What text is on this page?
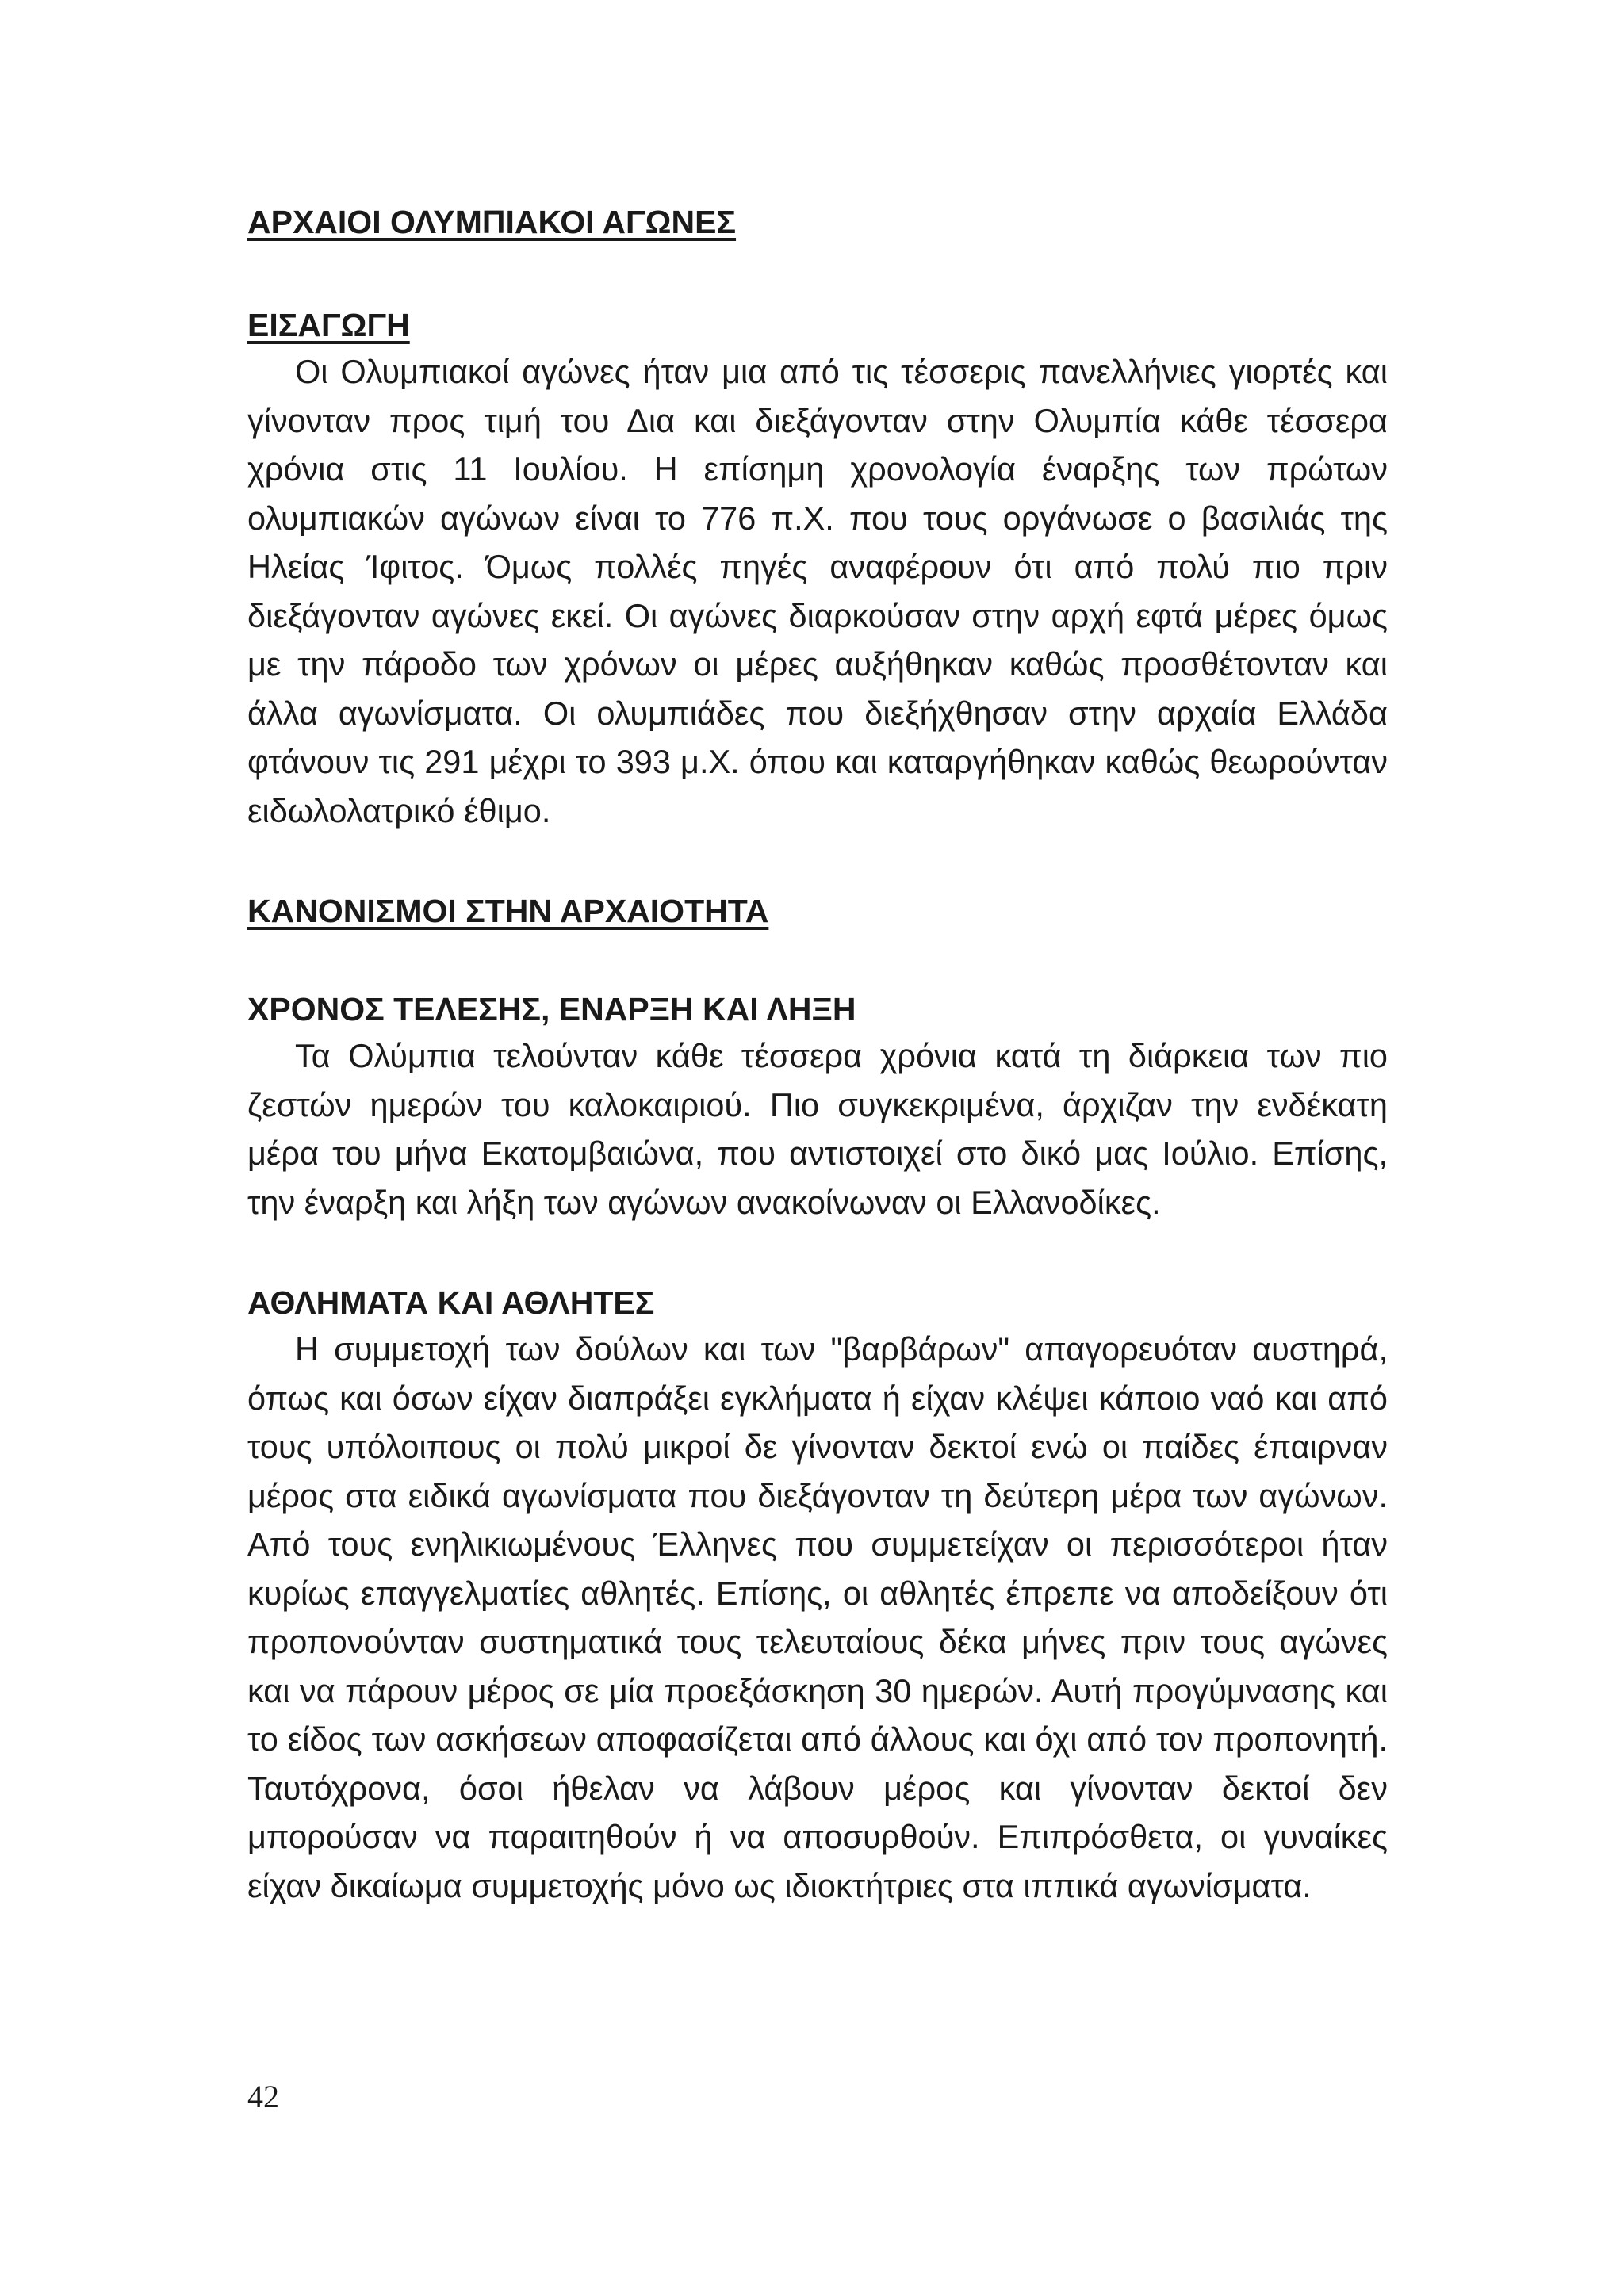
ΑΡΧΑΙΟΙ ΟΛΥΜΠΙΑΚΟΙ ΑΓΩΝΕΣ
ΕΙΣΑΓΩΓΗ

Οι Ολυμπιακοί αγώνες ήταν μια από τις τέσσερις πανελλήνιες γιορτές και γίνονταν προς τιμή του Δια και διεξάγονταν στην Ολυμπία κάθε τέσσερα χρόνια στις 11 Ιουλίου. Η επίσημη χρονολογία έναρξης των πρώτων ολυμπιακών αγώνων είναι το 776 π.Χ. που τους οργάνωσε ο βασιλιάς της Ηλείας Ίφιτος. Όμως πολλές πηγές αναφέρουν ότι από πολύ πιο πριν διεξάγονταν αγώνες εκεί. Οι αγώνες διαρκούσαν στην αρχή εφτά μέρες όμως με την πάροδο των χρόνων οι μέρες αυξήθηκαν καθώς προσθέτονταν και άλλα αγωνίσματα. Οι ολυμπιάδες που διεξήχθησαν στην αρχαία Ελλάδα φτάνουν τις 291 μέχρι το 393 μ.Χ. όπου και καταργήθηκαν καθώς θεωρούνταν ειδωλολατρικό έθιμο.

ΚΑΝΟΝΙΣΜΟΙ ΣΤΗΝ ΑΡΧΑΙΟΤΗΤΑ
ΧΡΟΝΟΣ ΤΕΛΕΣΗΣ, ΕΝΑΡΞΗ ΚΑΙ ΛΗΞΗ

Τα Ολύμπια τελούνταν κάθε τέσσερα χρόνια κατά τη διάρκεια των πιο ζεστών ημερών του καλοκαιριού. Πιο συγκεκριμένα, άρχιζαν την ενδέκατη μέρα του μήνα Εκατομβαιώνα, που αντιστοιχεί στο δικό μας Ιούλιο. Επίσης, την έναρξη και λήξη των αγώνων ανακοίνωναν οι Ελλανοδίκες.

ΑΘΛΗΜΑΤΑ ΚΑΙ ΑΘΛΗΤΕΣ

Η συμμετοχή των δούλων και των "βαρβάρων" απαγορευόταν αυστηρά, όπως και όσων είχαν διαπράξει εγκλήματα ή είχαν κλέψει κάποιο ναό και από τους υπόλοιπους οι πολύ μικροί δε γίνονταν δεκτοί ενώ οι παίδες έπαιρναν μέρος στα ειδικά αγωνίσματα που διεξάγονταν τη δεύτερη μέρα των αγώνων. Από τους ενηλικιωμένους Έλληνες που συμμετείχαν οι περισσότεροι ήταν κυρίως επαγγελματίες αθλητές. Επίσης, οι αθλητές έπρεπε να αποδείξουν ότι προπονούνταν συστηματικά τους τελευταίους δέκα μήνες πριν τους αγώνες και να πάρουν μέρος σε μία προεξάσκηση 30 ημερών. Αυτή προγύμνασης και το είδος των ασκήσεων αποφασίζεται από άλλους και όχι από τον προπονητή. Ταυτόχρονα, όσοι ήθελαν να λάβουν μέρος και γίνονταν δεκτοί δεν μπορούσαν να παραιτηθούν ή να αποσυρθούν. Επιπρόσθετα, οι γυναίκες είχαν δικαίωμα συμμετοχής μόνο ως ιδιοκτήτριες στα ιππικά αγωνίσματα.

42
